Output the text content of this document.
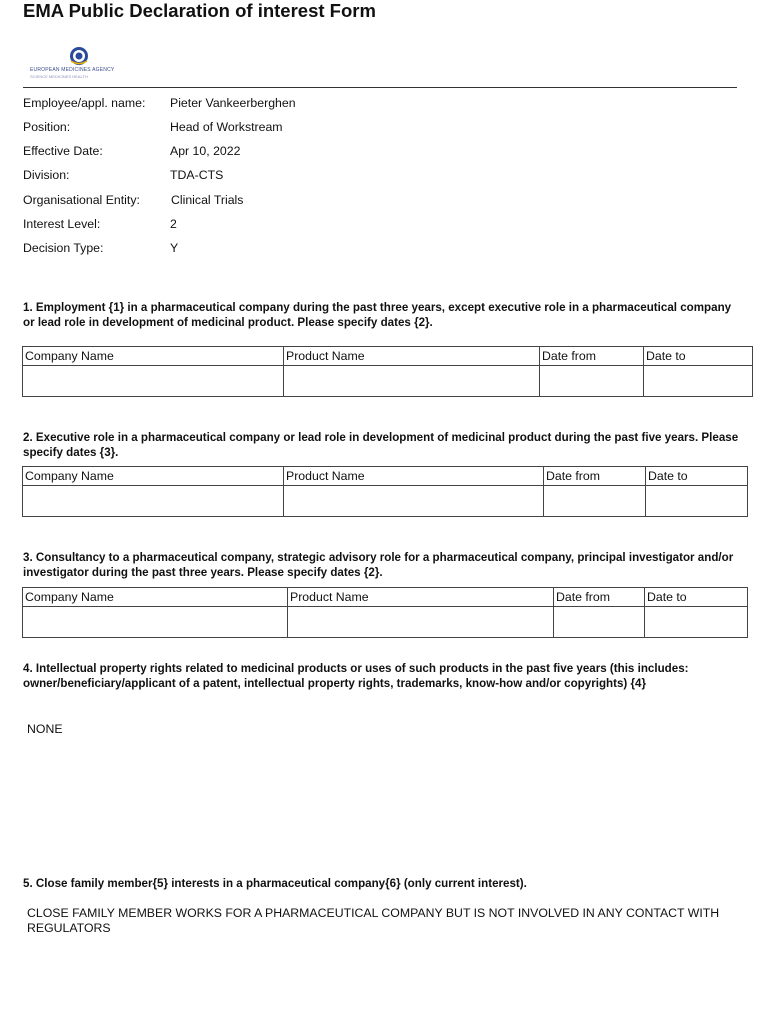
EMA Public Declaration of interest Form
EUROPEAN MEDICINES AGENCY
SCIENCE MEDICINES HEALTH
Employee/appl. name: Pieter Vankeerberghen
Position:	Head of Workstream
Effective Date:	Apr 10, 2022
Division:	TDA-CTS
Organisational Entity:	Clinical Trials
Interest Level:	2
Decision Type:	Y
1. Employment {1} in a pharmaceutical company during the past three years, except executive role in a pharmaceutical company or lead role in development of medicinal product. Please specify dates {2}.
Company Name	Product Name	Date from	Date to

2. Executive role in a pharmaceutical company or lead role in development of medicinal product during the past five years. Please specify dates {3}.
Company Name	Product Name	Date from	Date to

3. Consultancy to a pharmaceutical company, strategic advisory role for a pharmaceutical company, principal investigator and/or investigator during the past three years. Please specify dates {2}.
Company Name	Product Name	Date from	Date to

4. Intellectual property rights related to medicinal products or uses of such products in the past five years (this includes: owner/beneficiary/applicant of a patent, intellectual property rights, trademarks, know-how and/or copyrights) {4}
NONE
5. Close family member{5} interests in a pharmaceutical company{6} (only current interest).
CLOSE FAMILY MEMBER WORKS FOR A PHARMACEUTICAL COMPANY BUT IS NOT INVOLVED IN ANY CONTACT WITH REGULATORS
